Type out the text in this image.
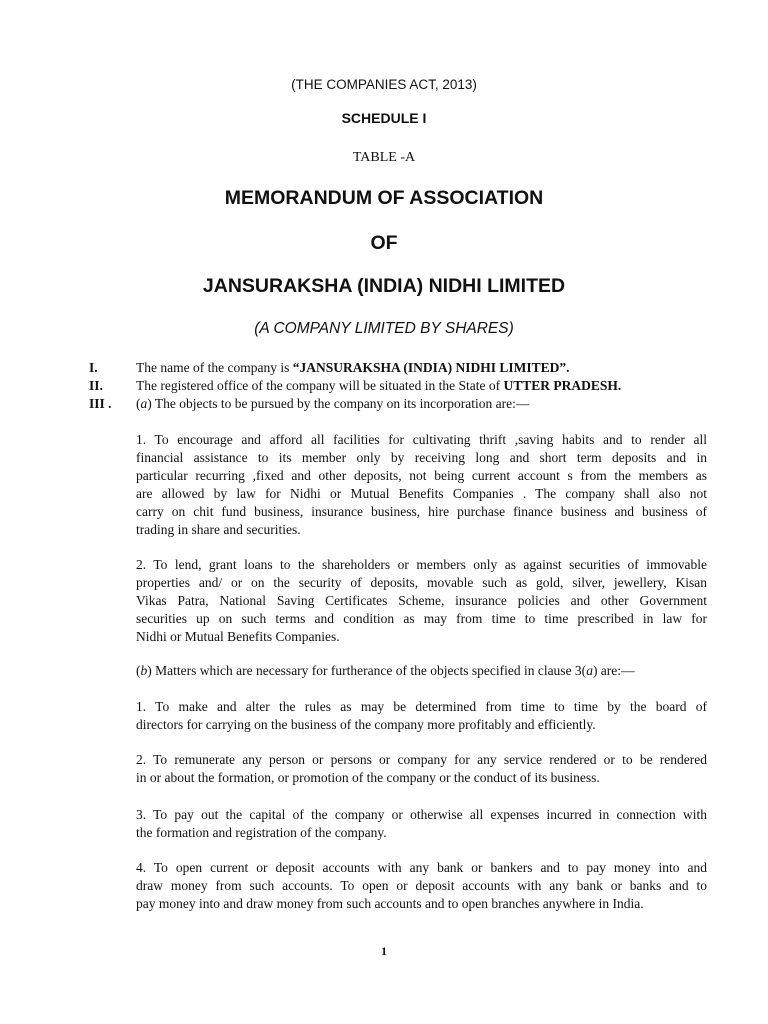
(THE COMPANIES ACT, 2013)
SCHEDULE I
TABLE -A
MEMORANDUM OF ASSOCIATION
OF
JANSURAKSHA (INDIA) NIDHI LIMITED
(A COMPANY LIMITED BY SHARES)
I.	The name of the company is “JANSURAKSHA (INDIA) NIDHI LIMITED”.
II. The registered office of the company will be situated in the State of UTTER PRADESH.
III . (a) The objects to be pursued by the company on its incorporation are:—
1. To encourage and afford all facilities for cultivating thrift ,saving habits and to render all
financial assistance to its member only by receiving long and short term deposits and in
particular recurring ,fixed and other deposits, not being current account s from the members as
are allowed by law for Nidhi or Mutual Benefits Companies . The company shall also not
carry on chit fund business, insurance business, hire purchase finance business and business of
trading in share and securities.
2. To lend, grant loans to the shareholders or members only as against securities of immovable
properties and/ or on the security of deposits, movable such as gold, silver, jewellery, Kisan
Vikas Patra, National Saving Certificates Scheme, insurance policies and other Government
securities up on such terms and condition as may from time to time prescribed in law for
Nidhi or Mutual Benefits Companies.
(b) Matters which are necessary for furtherance of the objects specified in clause 3(a) are:—
1. To make and alter the rules as may be determined from time to time by the board of
directors for carrying on the business of the company more profitably and efficiently.
2. To remunerate any person or persons or company for any service rendered or to be rendered
in or about the formation, or promotion of the company or the conduct of its business.
3. To pay out the capital of the company or otherwise all expenses incurred in connection with
the formation and registration of the company.
4. To open current or deposit accounts with any bank or bankers and to pay money into and
draw money from such accounts. To open or deposit accounts with any bank or banks and to
pay money into and draw money from such accounts and to open branches anywhere in India.
1
